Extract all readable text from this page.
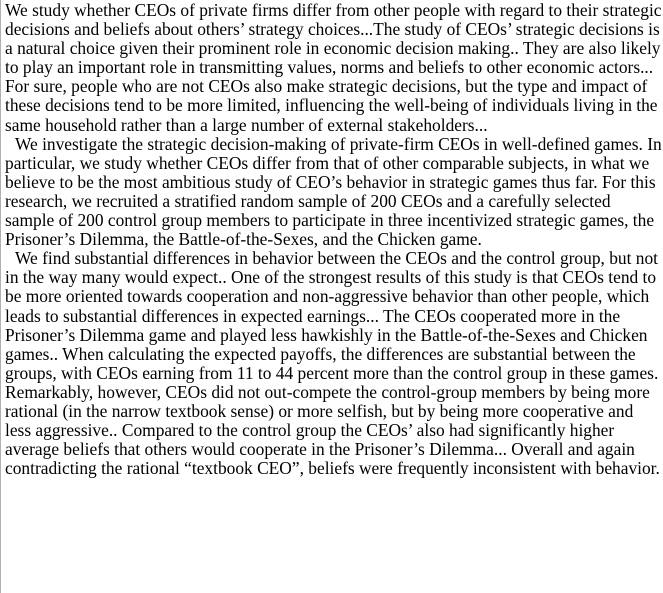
We study whether CEOs of private firms differ from other people with regard to their strategic decisions and beliefs about others’ strategy choices...The study of CEOs’ strategic decisions is a natural choice given their prominent role in economic decision making.. They are also likely to play an important role in transmitting values, norms and beliefs to other economic actors... For sure, people who are not CEOs also make strategic decisions, but the type and impact of these decisions tend to be more limited, influencing the well-being of individuals living in the same household rather than a large number of external stakeholders...

We investigate the strategic decision-making of private-firm CEOs in well-defined games. In particular, we study whether CEOs differ from that of other comparable subjects, in what we believe to be the most ambitious study of CEO’s behavior in strategic games thus far. For this research, we recruited a stratified random sample of 200 CEOs and a carefully selected sample of 200 control group members to participate in three incentivized strategic games, the Prisoner’s Dilemma, the Battle-of-the-Sexes, and the Chicken game.

We find substantial differences in behavior between the CEOs and the control group, but not in the way many would expect.. One of the strongest results of this study is that CEOs tend to be more oriented towards cooperation and non-aggressive behavior than other people, which leads to substantial differences in expected earnings... The CEOs cooperated more in the Prisoner’s Dilemma game and played less hawkishly in the Battle-of-the-Sexes and Chicken games.. When calculating the expected payoffs, the differences are substantial between the groups, with CEOs earning from 11 to 44 percent more than the control group in these games. Remarkably, however, CEOs did not out-compete the control-group members by being more rational (in the narrow textbook sense) or more selfish, but by being more cooperative and less aggressive.. Compared to the control group the CEOs’ also had significantly higher average beliefs that others would cooperate in the Prisoner’s Dilemma... Overall and again contradicting the rational “textbook CEO”, beliefs were frequently inconsistent with behavior.
